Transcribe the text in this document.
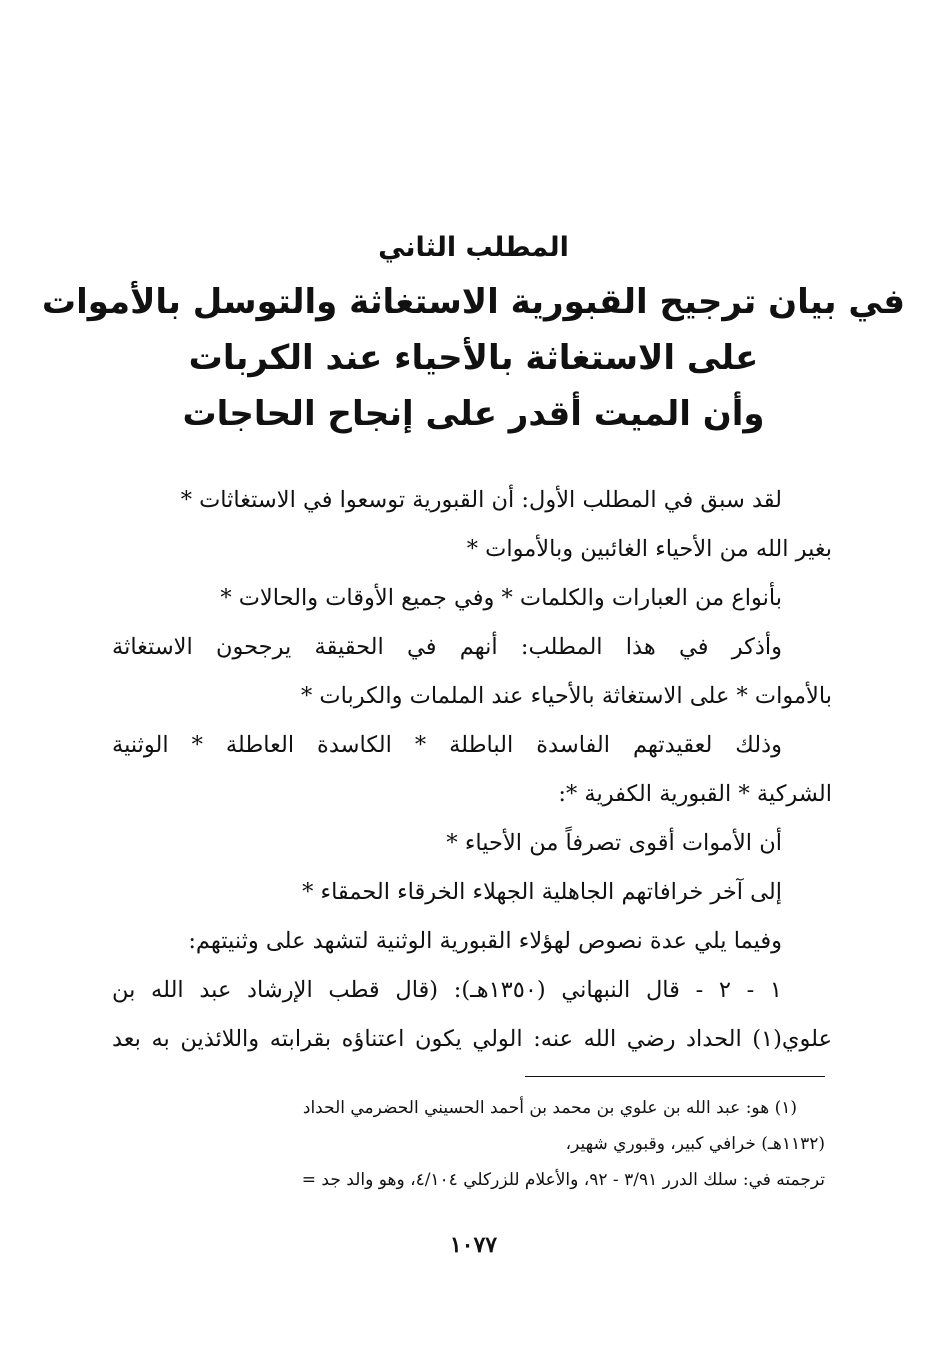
المطلب الثاني
في بيان ترجيح القبورية الاستغاثة والتوسل بالأموات
على الاستغاثة بالأحياء عند الكربات
وأن الميت أقدر على إنجاح الحاجات

لقد سبق في المطلب الأول: أن القبورية توسعوا في الاستغاثات *

بغير الله من الأحياء الغائبين وبالأموات *

بأنواع من العبارات والكلمات * وفي جميع الأوقات والحالات *

وأذكر في هذا المطلب: أنهم في الحقيقة يرجحون الاستغاثة

بالأموات * على الاستغاثة بالأحياء عند الملمات والكربات *

وذلك لعقيدتهم الفاسدة الباطلة * الكاسدة العاطلة * الوثنية

الشركية * القبورية الكفرية *:

أن الأموات أقوى تصرفاً من الأحياء *

إلى آخر خرافاتهم الجاهلية الجهلاء الخرقاء الحمقاء *

وفيما يلي عدة نصوص لهؤلاء القبورية الوثنية لتشهد على وثنيتهم:

١ - ٢ - قال النبهاني (١٣٥٠هـ): (قال قطب الإرشاد عبد الله بن

علوي(١) الحداد رضي الله عنه: الولي يكون اعتناؤه بقرابته واللائذين به بعد

(١) هو: عبد الله بن علوي بن محمد بن أحمد الحسيني الحضرمي الحداد

(١١٣٢هـ) خرافي كبير، وقبوري شهير،

ترجمته في: سلك الدرر ٣/٩١ - ٩٢، والأعلام للزركلي ٤/١٠٤، وهو والد جد =

١٠٧٧
